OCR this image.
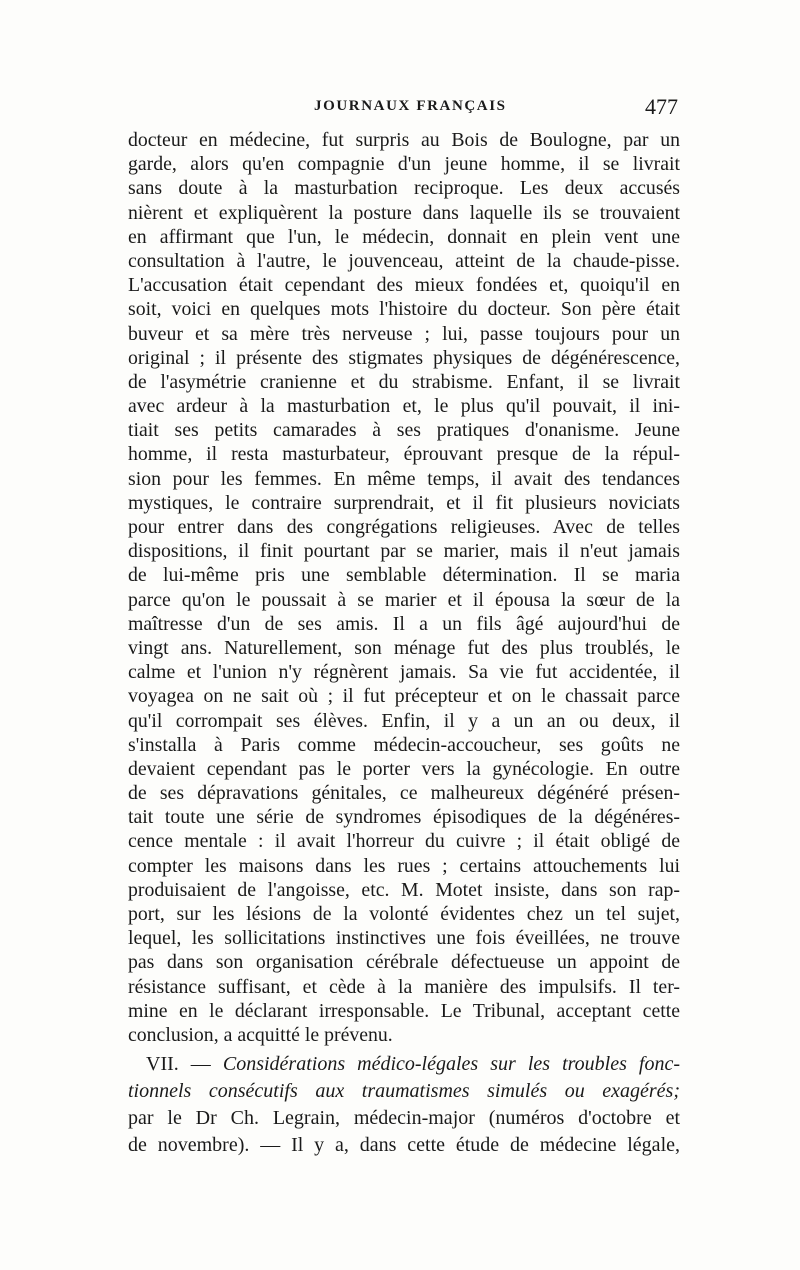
JOURNAUX FRANÇAIS	477
docteur en médecine, fut surpris au Bois de Boulogne, par un
garde, alors qu'en compagnie d'un jeune homme, il se livrait
sans doute à la masturbation reciproque. Les deux accusés
nièrent et expliquèrent la posture dans laquelle ils se trouvaient
en affirmant que l'un, le médecin, donnait en plein vent une
consultation à l'autre, le jouvenceau, atteint de la chaude-pisse.
L'accusation était cependant des mieux fondées et, quoiqu'il en
soit, voici en quelques mots l'histoire du docteur. Son père était
buveur et sa mère très nerveuse ; lui, passe toujours pour un
original ; il présente des stigmates physiques de dégénérescence,
de l'asymétrie cranienne et du strabisme. Enfant, il se livrait
avec ardeur à la masturbation et, le plus qu'il pouvait, il ini-
tiait ses petits camarades à ses pratiques d'onanisme. Jeune
homme, il resta masturbateur, éprouvant presque de la répul-
sion pour les femmes. En même temps, il avait des tendances
mystiques, le contraire surprendrait, et il fit plusieurs noviciats
pour entrer dans des congrégations religieuses. Avec de telles
dispositions, il finit pourtant par se marier, mais il n'eut jamais
de lui-même pris une semblable détermination. Il se maria
parce qu'on le poussait à se marier et il épousa la sœur de la
maîtresse d'un de ses amis. Il a un fils âgé aujourd'hui de
vingt ans. Naturellement, son ménage fut des plus troublés, le
calme et l'union n'y régnèrent jamais. Sa vie fut accidentée, il
voyagea on ne sait où ; il fut précepteur et on le chassait parce
qu'il corrompait ses élèves. Enfin, il y a un an ou deux, il
s'installa à Paris comme médecin-accoucheur, ses goûts ne
devaient cependant pas le porter vers la gynécologie. En outre
de ses dépravations génitales, ce malheureux dégénéré présen-
tait toute une série de syndromes épisodiques de la dégénéres-
cence mentale : il avait l'horreur du cuivre ; il était obligé de
compter les maisons dans les rues ; certains attouchements lui
produisaient de l'angoisse, etc. M. Motet insiste, dans son rap-
port, sur les lésions de la volonté évidentes chez un tel sujet,
lequel, les sollicitations instinctives une fois éveillées, ne trouve
pas dans son organisation cérébrale défectueuse un appoint de
résistance suffisant, et cède à la manière des impulsifs. Il ter-
mine en le déclarant irresponsable. Le Tribunal, acceptant cette
conclusion, a acquitté le prévenu.
VII. — Considérations médico-légales sur les troubles fonc-
tionnels consécutifs aux traumatismes simulés ou exagérés;
par le Dr Ch. Legrain, médecin-major (numéros d'octobre et
de novembre). — Il y a, dans cette étude de médecine légale,
